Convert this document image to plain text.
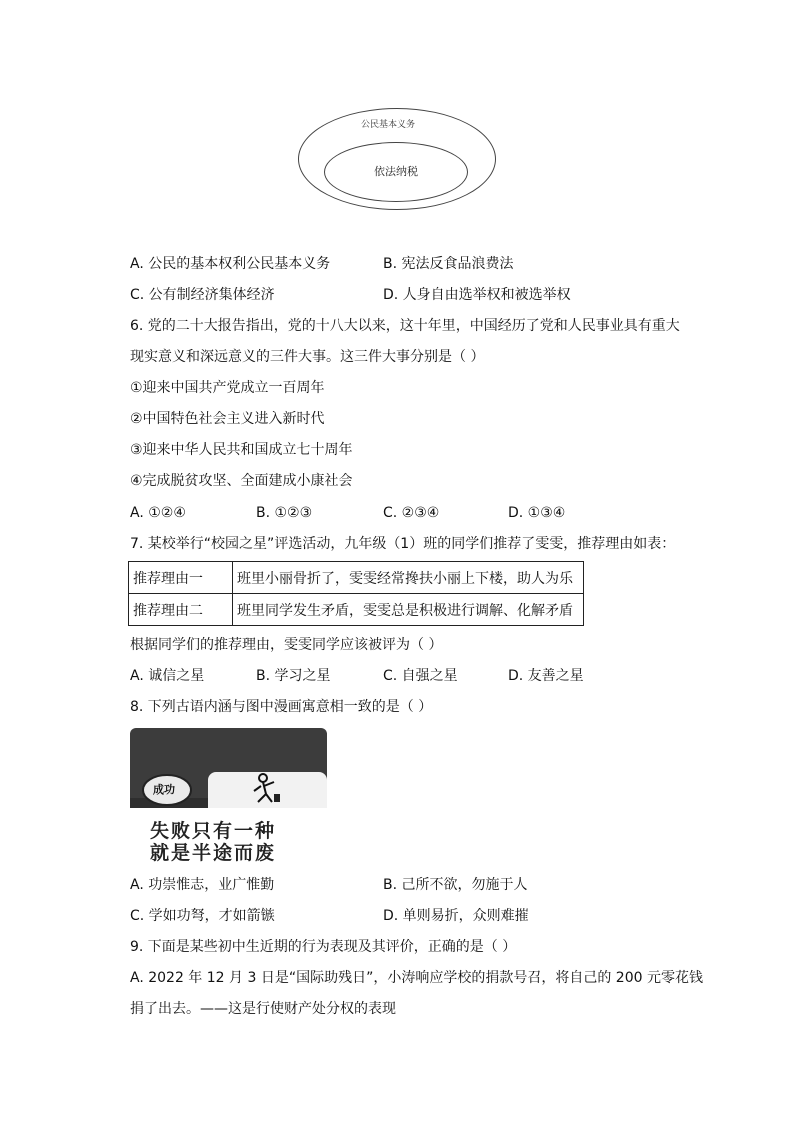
公民基本义务
依法纳税
A. 公民的基本权利公民基本义务	B. 宪法反食品浪费法
C. 公有制经济集体经济	D. 人身自由选举权和被选举权
6. 党的二十大报告指出，党的十八大以来，这十年里，中国经历了党和人民事业具有重大
现实意义和深远意义的三件大事。这三件大事分别是（ ）
①迎来中国共产党成立一百周年
②中国特色社会主义进入新时代
③迎来中华人民共和国成立七十周年
④完成脱贫攻坚、全面建成小康社会
A. ①②④	B. ①②③	C. ②③④	D. ①③④
7. 某校举行“校园之星”评选活动，九年级（1）班的同学们推荐了雯雯，推荐理由如表：
推荐理由一	班里小丽骨折了，雯雯经常搀扶小丽上下楼，助人为乐
推荐理由二	班里同学发生矛盾，雯雯总是积极进行调解、化解矛盾
根据同学们的推荐理由，雯雯同学应该被评为（ ）
A. 诚信之星	B. 学习之星	C. 自强之星	D. 友善之星
8. 下列古语内涵与图中漫画寓意相一致的是（ ）
成功
失败只有一种
就是半途而废
A. 功崇惟志，业广惟勤	B. 己所不欲，勿施于人
C. 学如功弩，才如箭镞	D. 单则易折，众则难摧
9. 下面是某些初中生近期的行为表现及其评价，正确的是（ ）
A. 2022 年 12 月 3 日是“国际助残日”，小涛响应学校的捐款号召，将自己的 200 元零花钱
捐了出去。——这是行使财产处分权的表现
